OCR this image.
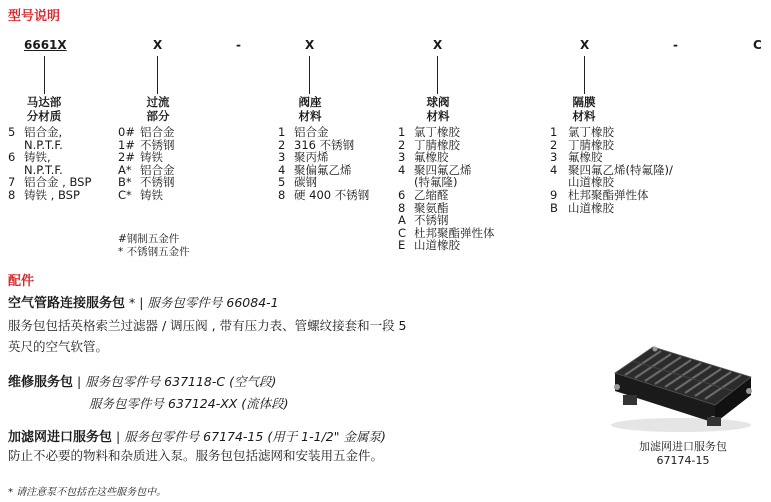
型号说明
6661X	X	-	X	X	X	-	C
马达部
分材质
过流
部分
阀座
材料
球阀
材料
隔膜
材料
5 铝合金,
N.P.T.F.
6 铸铁,
N.P.T.F.
7 铝合金 , BSP
8 铸铁 , BSP
0# 铝合金
1# 不锈钢
2# 铸铁
A* 铝合金
B* 不锈钢
C* 铸铁
#钢制五金件
* 不锈钢五金件
1 铝合金
2 316 不锈钢
3 聚丙烯
4 聚偏氟乙烯
5 碳钢
8 硬 400 不锈钢
1 氯丁橡胶
2 丁腈橡胶
3 氟橡胶
4 聚四氟乙烯
(特氟隆)
6 乙缩醛
8 聚氨酯
A 不锈钢
C 杜邦聚酯弹性体
E 山道橡胶
1 氯丁橡胶
2 丁腈橡胶
3 氟橡胶
4 聚四氟乙烯(特氟隆)/
山道橡胶
9 杜邦聚酯弹性体
B 山道橡胶
配件
空气管路连接服务包 * | 服务包零件号 66084-1
服务包包括英格索兰过滤器 / 调压阀 , 带有压力表、管螺纹接套和一段 5
英尺的空气软管。
维修服务包 | 服务包零件号 637118-C (空气段)
服务包零件号 637124-XX (流体段)
加滤网进口服务包 | 服务包零件号 67174-15 (用于 1-1/2" 金属泵)
防止不必要的物料和杂质进入泵。服务包包括滤网和安装用五金件。
加滤网进口服务包
67174-15
* 请注意泵不包括在这些服务包中。
